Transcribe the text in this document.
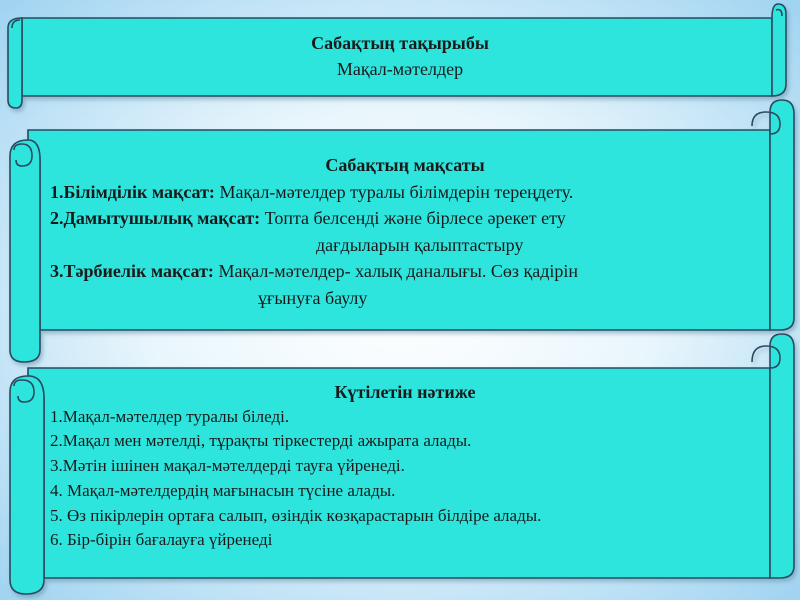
Сабақтың тақырыбы
Мақал-мәтелдер
Сабақтың мақсаты
1.Білімділік мақсат: Мақал-мәтелдер туралы білімдерін тереңдету.
2.Дамытушылық мақсат: Топта белсенді және бірлесе әрекет ету
дағдыларын қалыптастыру
3.Тәрбиелік мақсат: Мақал-мәтелдер- халық даналығы. Сөз қадірін
ұғынуға баулу
Күтілетін нәтиже
1.Мақал-мәтелдер туралы біледі.
2.Мақал мен мәтелді, тұрақты тіркестерді ажырата алады.
3.Мәтін ішінен мақал-мәтелдерді тауға үйренеді.
4. Мақал-мәтелдердің мағынасын түсіне алады.
5. Өз пікірлерін ортаға салып, өзіндік көзқарастарын білдіре алады.
6. Бір-бірін бағалауға үйренеді
